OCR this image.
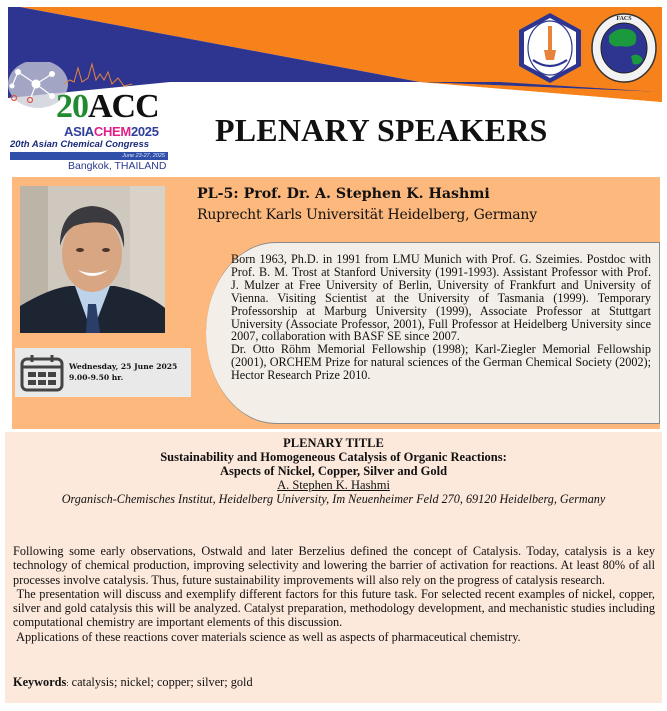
20ACC
ASIACHEM2025
20th Asian Chemical Congress
June 23-27, 2025
Bangkok, THAILAND
PLENARY SPEAKERS
FACS
Wednesday, 25 June 2025
9.00-9.50 hr.
PL-5: Prof. Dr. A. Stephen K. Hashmi
Ruprecht Karls Universität Heidelberg, Germany

Born 1963, Ph.D. in 1991 from LMU Munich with Prof. G. Szeimies. Postdoc with Prof. B. M. Trost at Stanford University (1991-1993). Assistant Professor with Prof. J. Mulzer at Free University of Berlin, University of Frankfurt and University of Vienna. Visiting Scientist at the University of Tasmania (1999). Temporary Professorship at Marburg University (1999), Associate Professor at Stuttgart University (Associate Professor, 2001), Full Professor at Heidelberg University since 2007, collaboration with BASF SE since 2007.

Dr. Otto Röhm Memorial Fellowship (1998); Karl-Ziegler Memorial Fellowship (2001), ORCHEM Prize for natural sciences of the German Chemical Society (2002); Hector Research Prize 2010.

PLENARY TITLE
Sustainability and Homogeneous Catalysis of Organic Reactions:
Aspects of Nickel, Copper, Silver and Gold
A. Stephen K. Hashmi
Organisch-Chemisches Institut, Heidelberg University, Im Neuenheimer Feld 270, 69120 Heidelberg, Germany

Following some early observations, Ostwald and later Berzelius defined the concept of Catalysis. Today, catalysis is a key technology of chemical production, improving selectivity and lowering the barrier of activation for reactions. At least 80% of all processes involve catalysis. Thus, future sustainability improvements will also rely on the progress of catalysis research.

The presentation will discuss and exemplify different factors for this future task. For selected recent examples of nickel, copper, silver and gold catalysis this will be analyzed. Catalyst preparation, methodology development, and mechanistic studies including computational chemistry are important elements of this discussion.

Applications of these reactions cover materials science as well as aspects of pharmaceutical chemistry.

Keywords: catalysis; nickel; copper; silver; gold
